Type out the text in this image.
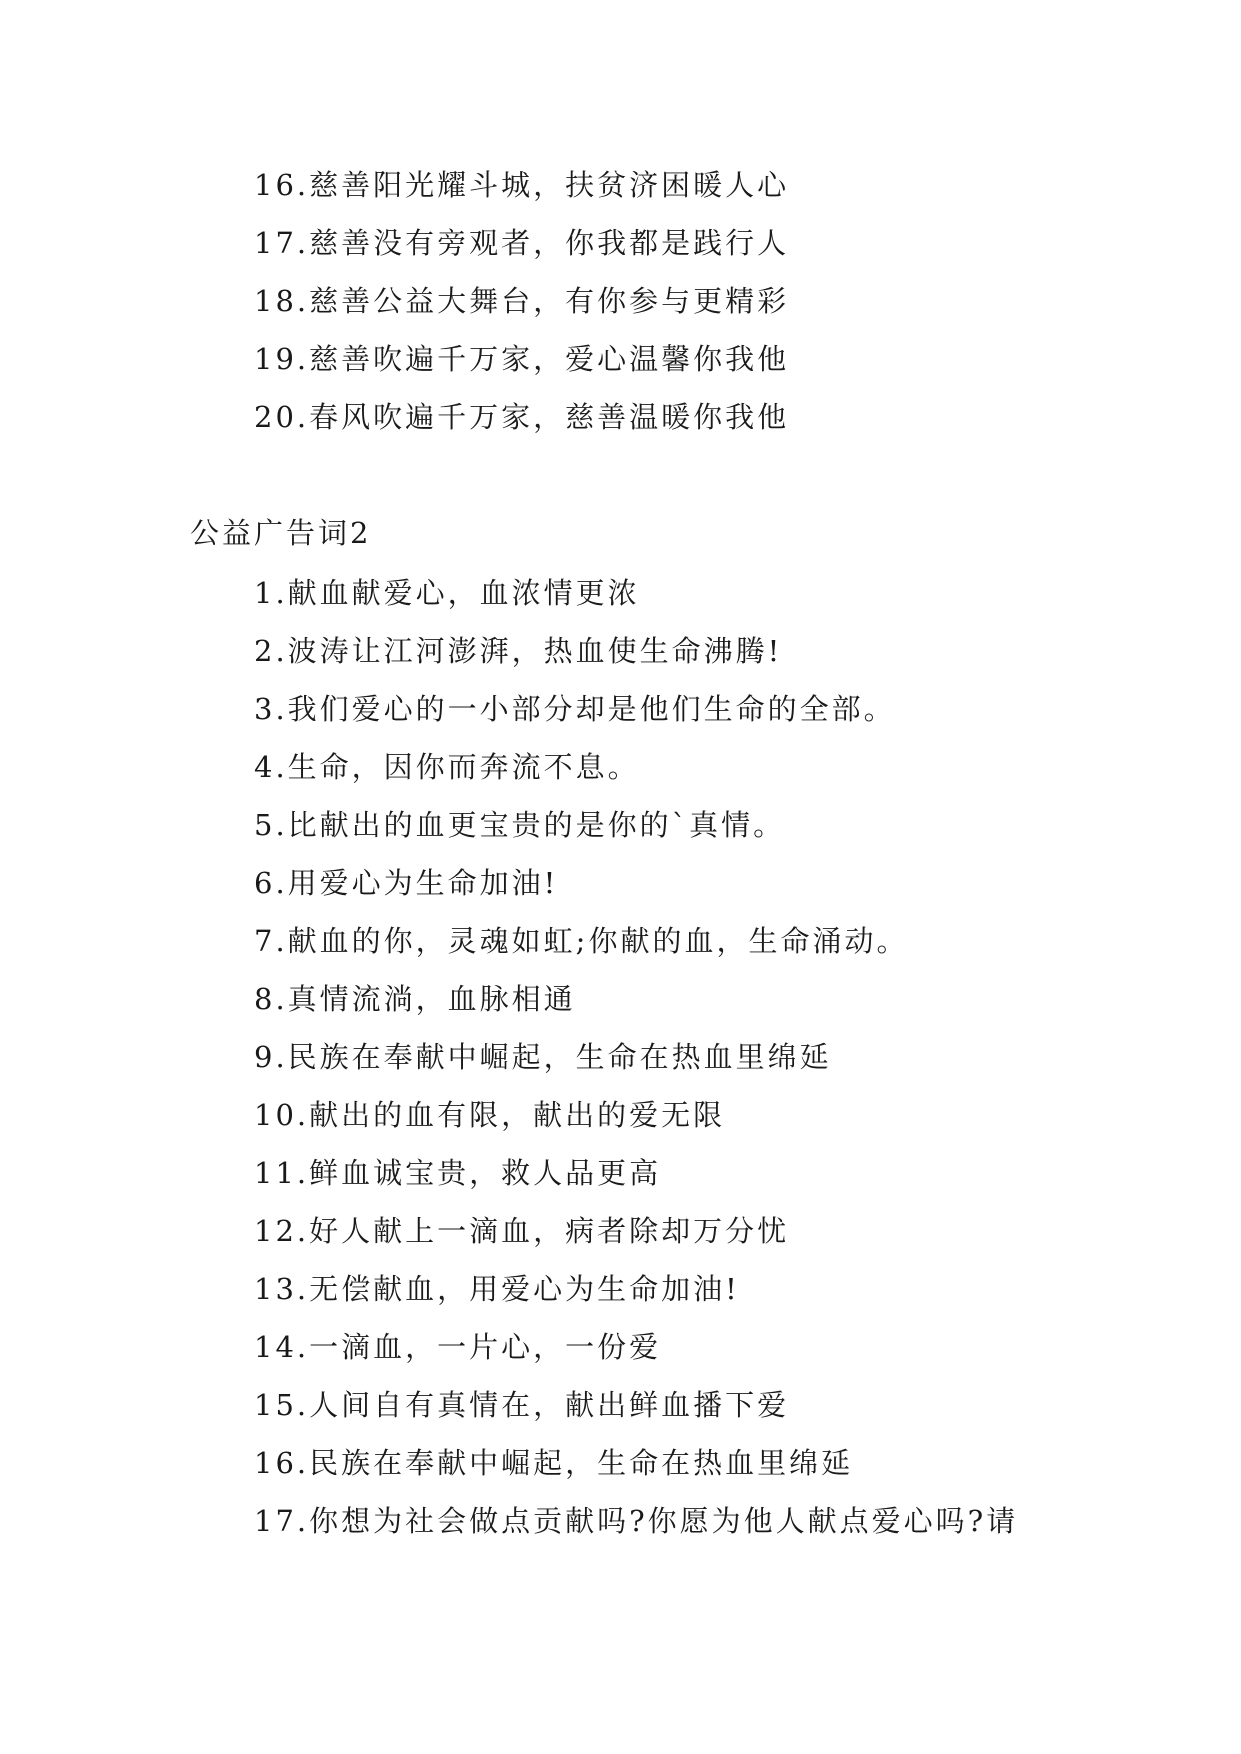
16.慈善阳光耀斗城，扶贫济困暖人心
17.慈善没有旁观者，你我都是践行人
18.慈善公益大舞台，有你参与更精彩
19.慈善吹遍千万家，爱心温馨你我他
20.春风吹遍千万家，慈善温暖你我他
公益广告词2
1.献血献爱心，血浓情更浓
2.波涛让江河澎湃，热血使生命沸腾!
3.我们爱心的一小部分却是他们生命的全部。
4.生命，因你而奔流不息。
5.比献出的血更宝贵的是你的`真情。
6.用爱心为生命加油!
7.献血的你，灵魂如虹;你献的血，生命涌动。
8.真情流淌，血脉相通
9.民族在奉献中崛起，生命在热血里绵延
10.献出的血有限，献出的爱无限
11.鲜血诚宝贵，救人品更高
12.好人献上一滴血，病者除却万分忧
13.无偿献血，用爱心为生命加油!
14.一滴血，一片心，一份爱
15.人间自有真情在，献出鲜血播下爱
16.民族在奉献中崛起，生命在热血里绵延
17.你想为社会做点贡献吗?你愿为他人献点爱心吗?请
